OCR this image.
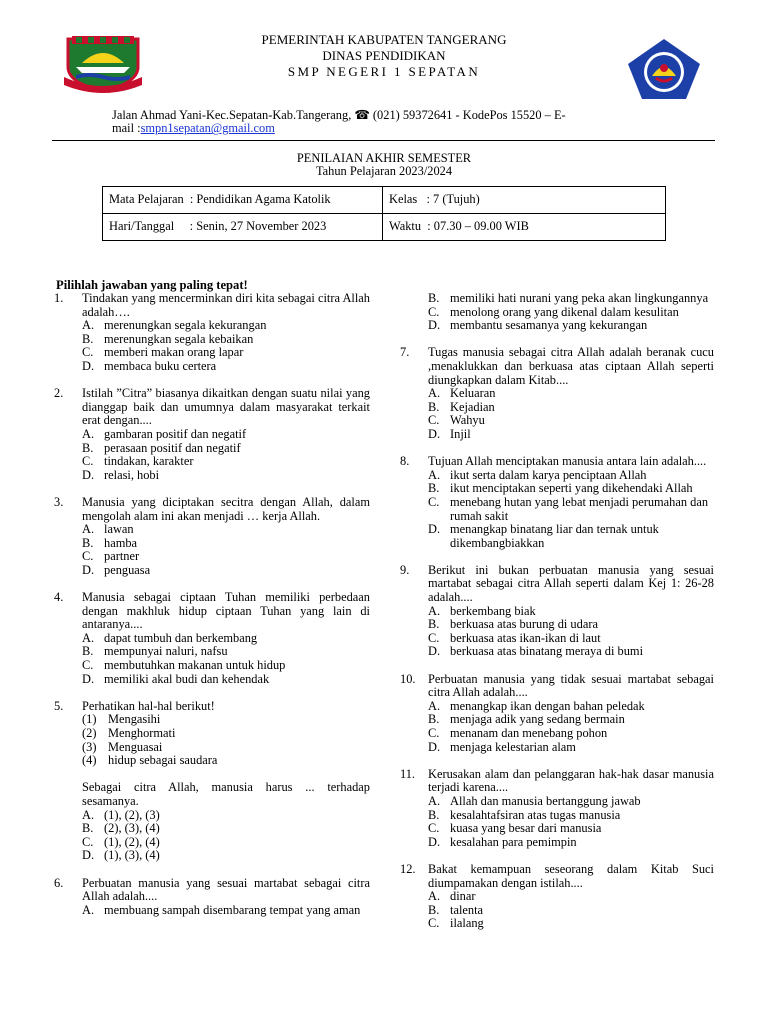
PEMERINTAH KABUPATEN TANGERANG
DINAS PENDIDIKAN
SMP NEGERI 1 SEPATAN
Jalan Ahmad Yani-Kec.Sepatan-Kab.Tangerang, ☎ (021) 59372641 - KodePos 15520 – E-
mail :smpn1sepatan@gmail.com
PENILAIAN AKHIR SEMESTER
Tahun Pelajaran 2023/2024
Mata Pelajaran  : Pendidikan Agama Katolik	Kelas   : 7 (Tujuh)
Hari/Tanggal     : Senin, 27 November 2023	Waktu  : 07.30 – 09.00 WIB
Pilihlah jawaban yang paling tepat!
1.	Tindakan yang mencerminkan diri kita sebagai citra Allah adalah….
A. merenungkan segala kekurangan
B. merenungkan segala kebaikan
C. memberi makan orang lapar
D. membaca buku certera
2.	Istilah ”Citra” biasanya dikaitkan dengan suatu nilai yang dianggap baik dan umumnya dalam masyarakat terkait erat dengan....
A. gambaran positif dan negatif
B. perasaan positif dan negatif
C. tindakan, karakter
D. relasi, hobi
3.	Manusia yang diciptakan secitra dengan Allah, dalam mengolah alam ini akan menjadi … kerja Allah.
A. lawan
B. hamba
C. partner
D. penguasa
4.	Manusia sebagai ciptaan Tuhan memiliki perbedaan dengan makhluk hidup ciptaan Tuhan yang lain di antaranya....
A. dapat tumbuh dan berkembang
B. mempunyai naluri, nafsu
C. membutuhkan makanan untuk hidup
D. memiliki akal budi dan kehendak
5.	Perhatikan hal-hal berikut!
(1) Mengasihi
(2) Menghormati
(3) Menguasai
(4) hidup sebagai saudara
Sebagai citra Allah, manusia harus ... terhadap sesamanya.
A. (1), (2), (3)
B. (2), (3), (4)
C. (1), (2), (4)
D. (1), (3), (4)
6.	Perbuatan manusia yang sesuai martabat sebagai citra Allah adalah....
A. membuang sampah disembarang tempat yang aman
B. memiliki hati nurani yang peka akan lingkungannya
C. menolong orang yang dikenal dalam kesulitan
D. membantu sesamanya yang kekurangan
7.	Tugas manusia sebagai citra Allah adalah beranak cucu ,menaklukkan dan berkuasa atas ciptaan Allah seperti diungkapkan dalam Kitab....
A. Keluaran
B. Kejadian
C. Wahyu
D. Injil
8.	Tujuan Allah menciptakan manusia antara lain adalah....
A. ikut serta dalam karya penciptaan Allah
B. ikut menciptakan seperti yang dikehendaki Allah
C. menebang hutan yang lebat menjadi perumahan dan rumah sakit
D. menangkap binatang liar dan ternak untuk dikembangbiakkan
9.	Berikut ini bukan perbuatan manusia yang sesuai martabat sebagai citra Allah seperti dalam Kej 1: 26-28 adalah....
A. berkembang biak
B. berkuasa atas burung di udara
C. berkuasa atas ikan-ikan di laut
D. berkuasa atas binatang meraya di bumi
10.	Perbuatan manusia yang tidak sesuai martabat sebagai citra Allah adalah....
A. menangkap ikan dengan bahan peledak
B. menjaga adik yang sedang bermain
C. menanam dan menebang pohon
D. menjaga kelestarian alam
11.	Kerusakan alam dan pelanggaran hak-hak dasar manusia terjadi karena....
A. Allah dan manusia bertanggung jawab
B. kesalahtafsiran atas tugas manusia
C. kuasa yang besar dari manusia
D. kesalahan para pemimpin
12.	Bakat kemampuan seseorang dalam Kitab Suci diumpamakan dengan istilah....
A. dinar
B. talenta
C. ilalang
